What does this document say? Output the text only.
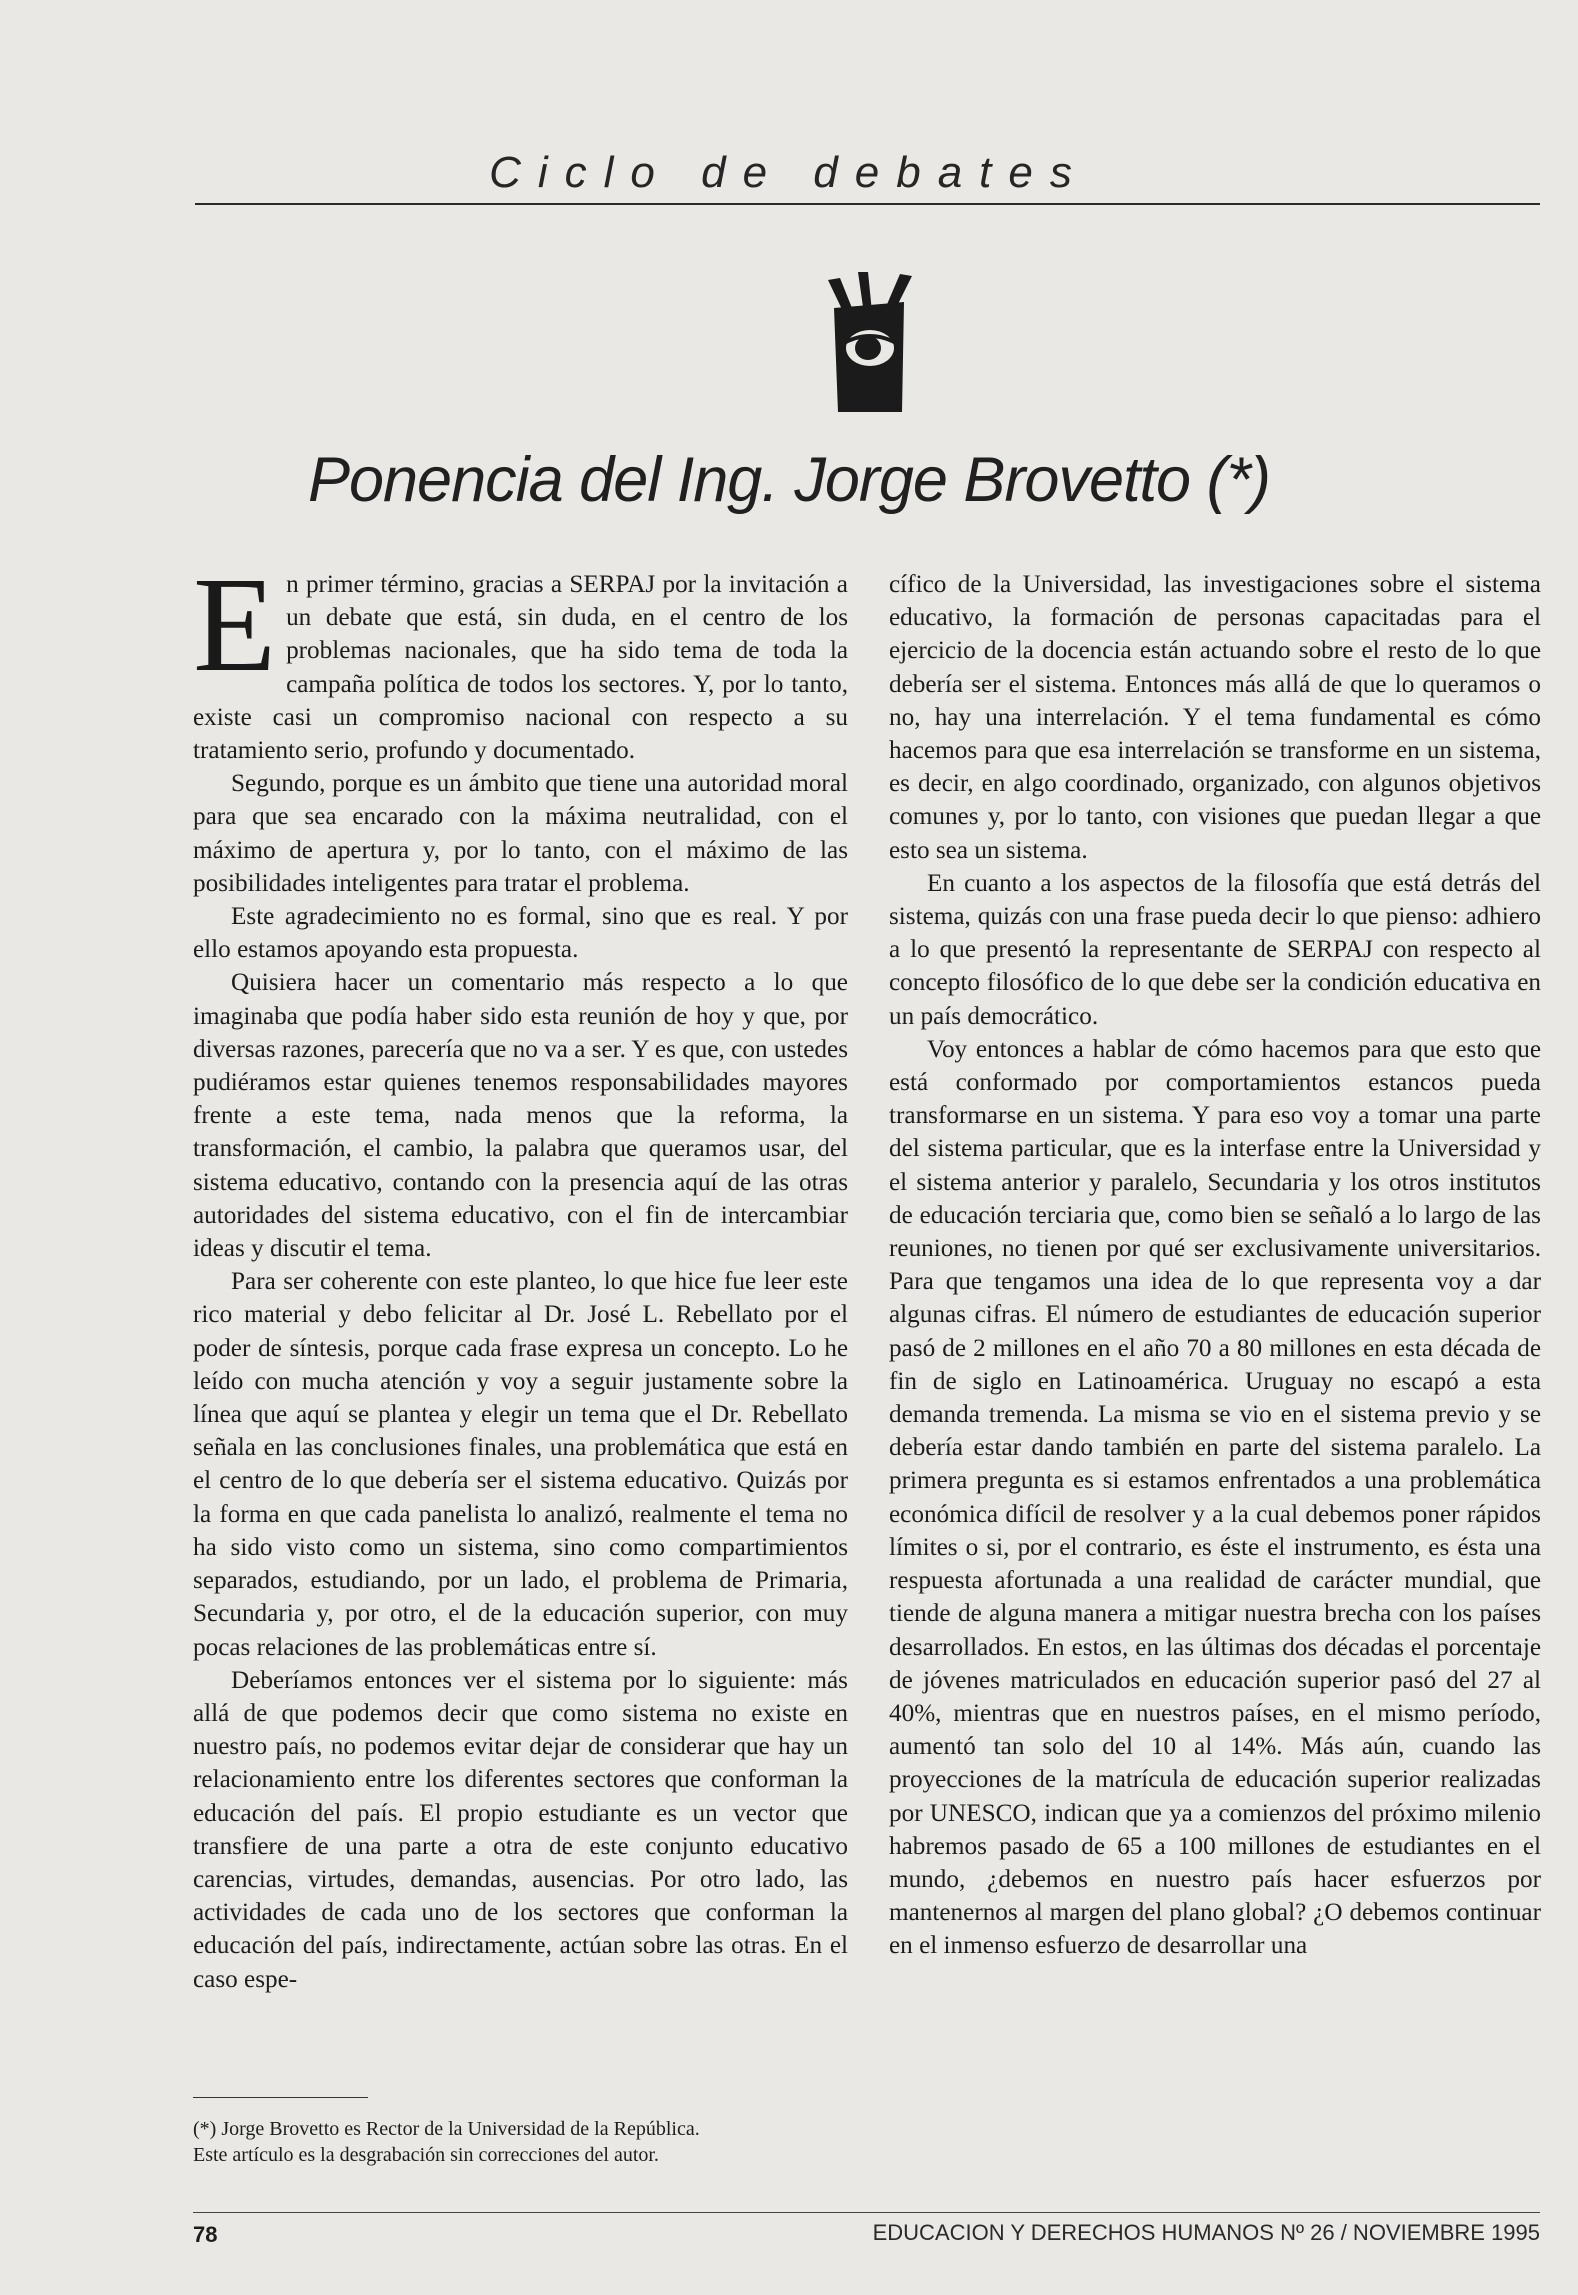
Ciclo de debates
Ponencia del Ing. Jorge Brovetto (*)

En primer término, gracias a SERPAJ por la invitación a un debate que está, sin duda, en el centro de los problemas nacionales, que ha sido tema de toda la campaña política de todos los sectores. Y, por lo tanto, existe casi un compromiso nacional con respecto a su tratamiento serio, profundo y documentado.

Segundo, porque es un ámbito que tiene una autoridad moral para que sea encarado con la máxima neutralidad, con el máximo de apertura y, por lo tanto, con el máximo de las posibilidades inteligentes para tratar el problema.

Este agradecimiento no es formal, sino que es real. Y por ello estamos apoyando esta propuesta.

Quisiera hacer un comentario más respecto a lo que imaginaba que podía haber sido esta reunión de hoy y que, por diversas razones, parecería que no va a ser. Y es que, con ustedes pudiéramos estar quienes tenemos responsabilidades mayores frente a este tema, nada menos que la reforma, la transformación, el cambio, la palabra que queramos usar, del sistema educativo, contando con la presencia aquí de las otras autoridades del sistema educativo, con el fin de intercambiar ideas y discutir el tema.

Para ser coherente con este planteo, lo que hice fue leer este rico material y debo felicitar al Dr. José L. Rebellato por el poder de síntesis, porque cada frase expresa un concepto. Lo he leído con mucha atención y voy a seguir justamente sobre la línea que aquí se plantea y elegir un tema que el Dr. Rebellato señala en las conclusiones finales, una problemática que está en el centro de lo que debería ser el sistema educativo. Quizás por la forma en que cada panelista lo analizó, realmente el tema no ha sido visto como un sistema, sino como compartimientos separados, estudiando, por un lado, el problema de Primaria, Secundaria y, por otro, el de la educación superior, con muy pocas relaciones de las problemáticas entre sí.

Deberíamos entonces ver el sistema por lo siguiente: más allá de que podemos decir que como sistema no existe en nuestro país, no podemos evitar dejar de considerar que hay un relacionamiento entre los diferentes sectores que conforman la educación del país. El propio estudiante es un vector que transfiere de una parte a otra de este conjunto educativo carencias, virtudes, demandas, ausencias. Por otro lado, las actividades de cada uno de los sectores que conforman la educación del país, indirectamente, actúan sobre las otras. En el caso espe-

cífico de la Universidad, las investigaciones sobre el sistema educativo, la formación de personas capacitadas para el ejercicio de la docencia están actuando sobre el resto de lo que debería ser el sistema. Entonces más allá de que lo queramos o no, hay una interrelación. Y el tema fundamental es cómo hacemos para que esa interrelación se transforme en un sistema, es decir, en algo coordinado, organizado, con algunos objetivos comunes y, por lo tanto, con visiones que puedan llegar a que esto sea un sistema.

En cuanto a los aspectos de la filosofía que está detrás del sistema, quizás con una frase pueda decir lo que pienso: adhiero a lo que presentó la representante de SERPAJ con respecto al concepto filosófico de lo que debe ser la condición educativa en un país democrático.

Voy entonces a hablar de cómo hacemos para que esto que está conformado por comportamientos estancos pueda transformarse en un sistema. Y para eso voy a tomar una parte del sistema particular, que es la interfase entre la Universidad y el sistema anterior y paralelo, Secundaria y los otros institutos de educación terciaria que, como bien se señaló a lo largo de las reuniones, no tienen por qué ser exclusivamente universitarios. Para que tengamos una idea de lo que representa voy a dar algunas cifras. El número de estudiantes de educación superior pasó de 2 millones en el año 70 a 80 millones en esta década de fin de siglo en Latinoamérica. Uruguay no escapó a esta demanda tremenda. La misma se vio en el sistema previo y se debería estar dando también en parte del sistema paralelo. La primera pregunta es si estamos enfrentados a una problemática económica difícil de resolver y a la cual debemos poner rápidos límites o si, por el contrario, es éste el instrumento, es ésta una respuesta afortunada a una realidad de carácter mundial, que tiende de alguna manera a mitigar nuestra brecha con los países desarrollados. En estos, en las últimas dos décadas el porcentaje de jóvenes matriculados en educación superior pasó del 27 al 40%, mientras que en nuestros países, en el mismo período, aumentó tan solo del 10 al 14%. Más aún, cuando las proyecciones de la matrícula de educación superior realizadas por UNESCO, indican que ya a comienzos del próximo milenio habremos pasado de 65 a 100 millones de estudiantes en el mundo, ¿debemos en nuestro país hacer esfuerzos por mantenernos al margen del plano global? ¿O debemos continuar en el inmenso esfuerzo de desarrollar una

(*) Jorge Brovetto es Rector de la Universidad de la República.
Este artículo es la desgrabación sin correcciones del autor.
78	EDUCACION Y DERECHOS HUMANOS Nº 26 / NOVIEMBRE 1995
